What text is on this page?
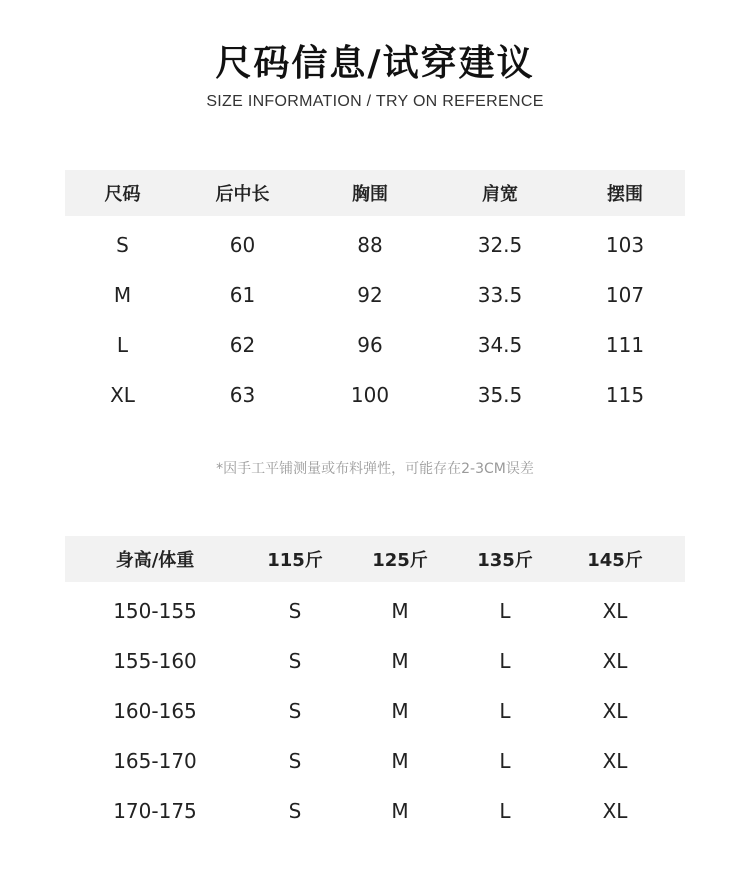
尺码信息/试穿建议
SIZE INFORMATION / TRY ON REFERENCE
尺码	后中长	胸围	肩宽	摆围
S	60	88	32.5	103
M	61	92	33.5	107
L	62	96	34.5	111
XL	63	100	35.5	115
*因手工平铺测量或布料弹性，可能存在2-3CM误差
身高/体重	115斤	125斤	135斤	145斤
150-155	S	M	L	XL
155-160	S	M	L	XL
160-165	S	M	L	XL
165-170	S	M	L	XL
170-175	S	M	L	XL
